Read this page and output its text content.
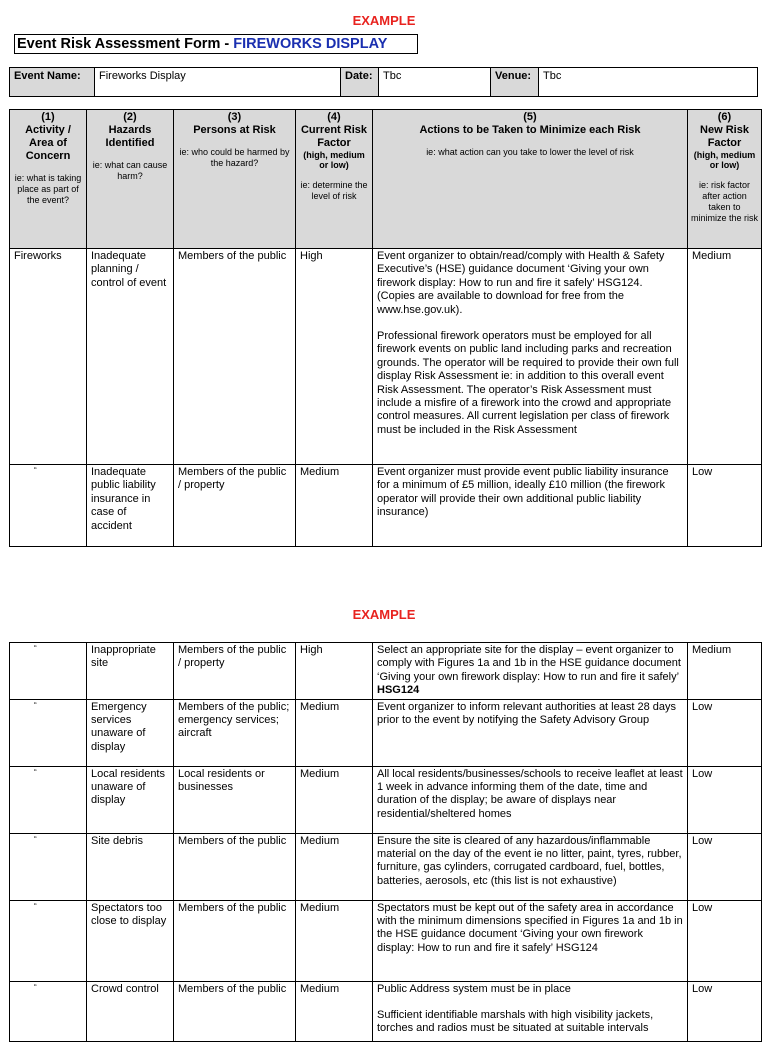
EXAMPLE
Event Risk Assessment Form - FIREWORKS DISPLAY
Event Name:	Fireworks Display	Date:	Tbc	Venue:	Tbc
(1)
Activity / Area of Concern
ie: what is taking place as part of the event?	(2)
Hazards Identified
ie: what can cause harm?	(3)
Persons at Risk
ie: who could be harmed by the hazard?	(4)
Current Risk Factor
(high, medium or low)
ie: determine the level of risk	(5)
Actions to be Taken to Minimize each Risk
ie: what action can you take to lower the level of risk	(6)
New Risk Factor
(high, medium or low)
ie: risk factor after action taken to minimize the risk

Fireworks	Inadequate planning / control of event	Members of the public	High	Event organizer to obtain/read/comply with Health & Safety Executive’s (HSE) guidance document ‘Giving your own firework display: How to run and fire it safely’ HSG124. (Copies are available to download for free from the www.hse.gov.uk).

Professional firework operators must be employed for all firework events on public land including parks and recreation grounds. The operator will be required to provide their own full display Risk Assessment ie: in addition to this overall event Risk Assessment. The operator’s Risk Assessment must include a misfire of a firework into the crowd and appropriate control measures. All current legislation per class of firework must be included in the Risk Assessment	Medium

“	Inadequate public liability insurance in case of accident	Members of the public / property	Medium	Event organizer must provide event public liability insurance for a minimum of £5 million, ideally £10 million (the firework operator will provide their own additional public liability insurance)	Low
EXAMPLE
“	Inappropriate site	Members of the public / property	High	Select an appropriate site for the display – event organizer to comply with Figures 1a and 1b in the HSE guidance document ‘Giving your own firework display: How to run and fire it safely’ HSG124	Medium

“	Emergency services unaware of display	Members of the public; emergency services; aircraft	Medium	Event organizer to inform relevant authorities at least 28 days prior to the event by notifying the Safety Advisory Group	Low

“	Local residents unaware of display	Local residents or businesses	Medium	All local residents/businesses/schools to receive leaflet at least 1 week in advance informing them of the date, time and duration of the display; be aware of displays near residential/sheltered homes	Low

“	Site debris	Members of the public	Medium	Ensure the site is cleared of any hazardous/inflammable material on the day of the event ie no litter, paint, tyres, rubber, furniture, gas cylinders, corrugated cardboard, fuel, bottles, batteries, aerosols, etc (this list is not exhaustive)	Low

“	Spectators too close to display	Members of the public	Medium	Spectators must be kept out of the safety area in accordance with the minimum dimensions specified in Figures 1a and 1b in the HSE guidance document ‘Giving your own firework display: How to run and fire it safely’ HSG124	Low

“	Crowd control	Members of the public	Medium	Public Address system must be in place

Sufficient identifiable marshals with high visibility jackets, torches and radios must be situated at suitable intervals	Low
